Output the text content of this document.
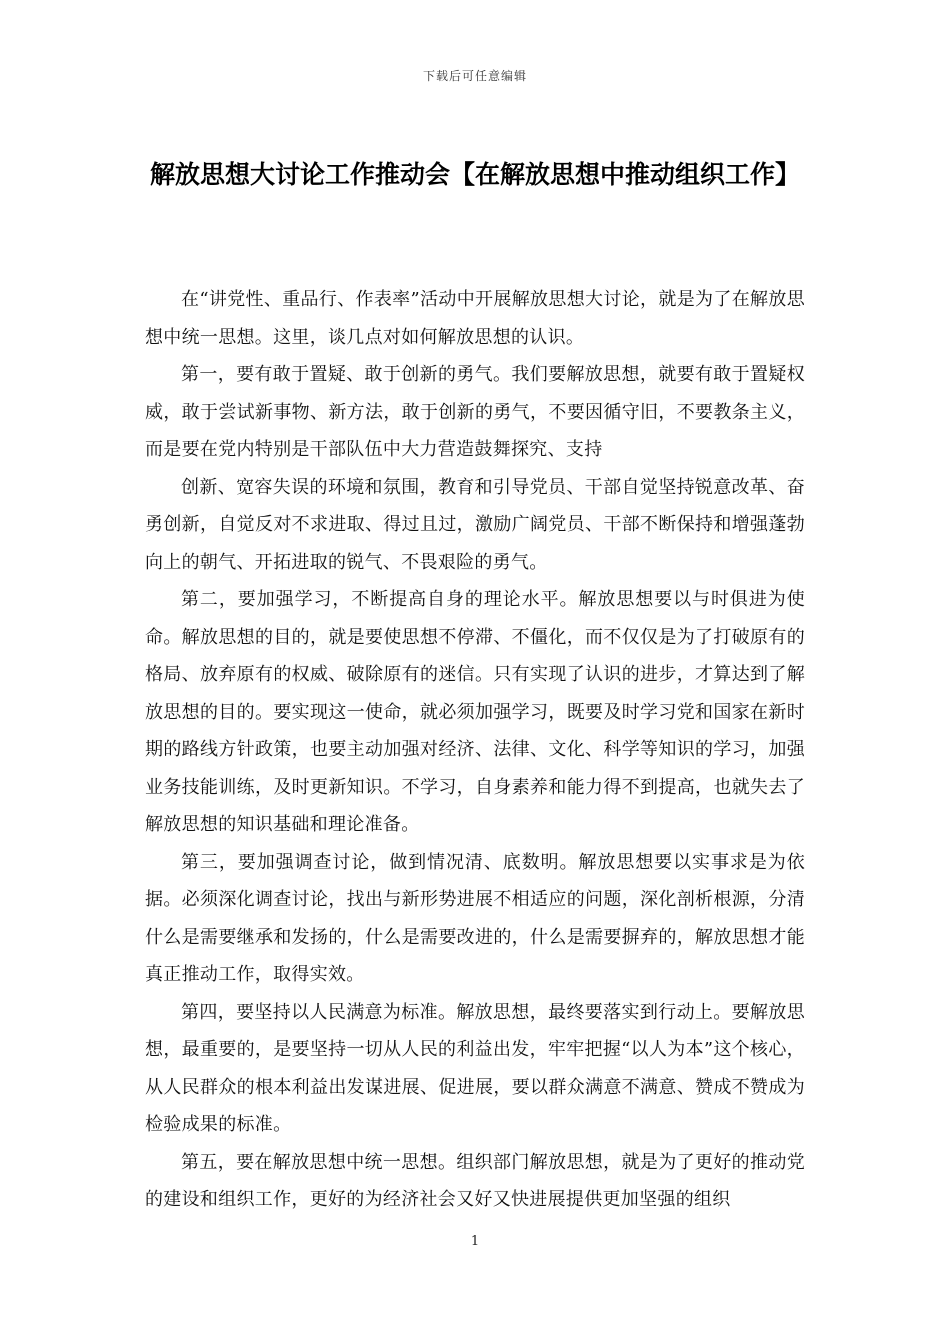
下载后可任意编辑
解放思想大讨论工作推动会【在解放思想中推动组织工作】

在“讲党性、重品行、作表率”活动中开展解放思想大讨论，就是为了在解放思想中统一思想。这里，谈几点对如何解放思想的认识。

第一，要有敢于置疑、敢于创新的勇气。我们要解放思想，就要有敢于置疑权威，敢于尝试新事物、新方法，敢于创新的勇气，不要因循守旧，不要教条主义，而是要在党内特别是干部队伍中大力营造鼓舞探究、支持

创新、宽容失误的环境和氛围，教育和引导党员、干部自觉坚持锐意改革、奋勇创新，自觉反对不求进取、得过且过，激励广阔党员、干部不断保持和增强蓬勃向上的朝气、开拓进取的锐气、不畏艰险的勇气。

第二，要加强学习，不断提高自身的理论水平。解放思想要以与时俱进为使命。解放思想的目的，就是要使思想不停滞、不僵化，而不仅仅是为了打破原有的格局、放弃原有的权威、破除原有的迷信。只有实现了认识的进步，才算达到了解放思想的目的。要实现这一使命，就必须加强学习，既要及时学习党和国家在新时期的路线方针政策，也要主动加强对经济、法律、文化、科学等知识的学习，加强业务技能训练，及时更新知识。不学习，自身素养和能力得不到提高，也就失去了解放思想的知识基础和理论准备。

第三，要加强调查讨论，做到情况清、底数明。解放思想要以实事求是为依据。必须深化调查讨论，找出与新形势进展不相适应的问题，深化剖析根源，分清什么是需要继承和发扬的，什么是需要改进的，什么是需要摒弃的，解放思想才能真正推动工作，取得实效。

第四，要坚持以人民满意为标准。解放思想，最终要落实到行动上。要解放思想，最重要的，是要坚持一切从人民的利益出发，牢牢把握“以人为本”这个核心，从人民群众的根本利益出发谋进展、促进展，要以群众满意不满意、赞成不赞成为检验成果的标准。

第五，要在解放思想中统一思想。组织部门解放思想，就是为了更好的推动党的建设和组织工作，更好的为经济社会又好又快进展提供更加坚强的组织

1
